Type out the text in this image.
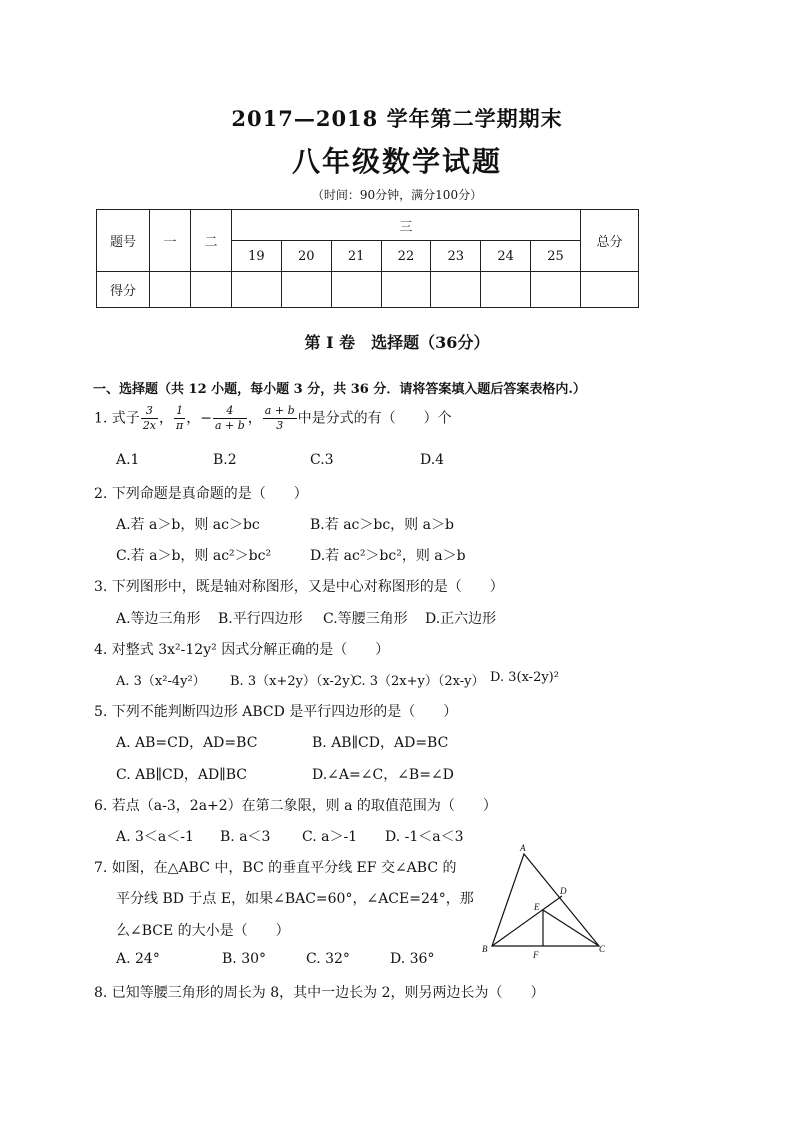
2017—2018 学年第二学期期末
八年级数学试题
（时间：90分钟，满分100分）
题号	一	二	三							总分
			19	20	21	22	23	24	25	
得分										
第 I 卷　选择题（36分）
一、选择题（共 12 小题，每小题 3 分，共 36 分．请将答案填入题后答案表格内.）
1. 式子 $\frac{3}{2x}$ ， $\frac{1}{\pi}$ ，− $\frac{4}{a + b}$ ， $\frac{a + b}{3}$ 中是分式的有（　　）个
A.1	B.2	C.3	D.4
2. 下列命题是真命题的是（　　）
A.若 a＞b，则 ac＞bc	B.若 ac＞bc，则 a＞b
C.若 a＞b，则 ac²＞bc²	D.若 ac²＞bc²，则 a＞b
3. 下列图形中，既是轴对称图形，又是中心对称图形的是（　　）
A.等边三角形 B.平行四边形 C.等腰三角形 D.正六边形
4. 对整式 3x²-12y² 因式分解正确的是（　　）
A. 3（x²-4y²） B. 3（x+2y）（x-2y）
C. 3（2x+y）（2x-y） D. 3(x-2y)²
5. 下列不能判断四边形 ABCD 是平行四边形的是（　　）
A. AB=CD，AD=BC	B. AB∥CD，AD=BC
C. AB∥CD，AD∥BC	D.∠A=∠C，∠B=∠D
6. 若点（a-3，2a+2）在第二象限，则 a 的取值范围为（　　）
A. 3＜a＜-1 B. a＜3 C. a＞-1 D. -1＜a＜3
7. 如图，在△ABC 中，BC 的垂直平分线 EF 交∠ABC 的
平分线 BD 于点 E，如果∠BAC=60°，∠ACE=24°，那
么∠BCE 的大小是（　　）
A. 24°	B. 30°	C. 32°	D. 36°
A
B	C
D
E
F
8. 已知等腰三角形的周长为 8，其中一边长为 2，则另两边长为（　　）
